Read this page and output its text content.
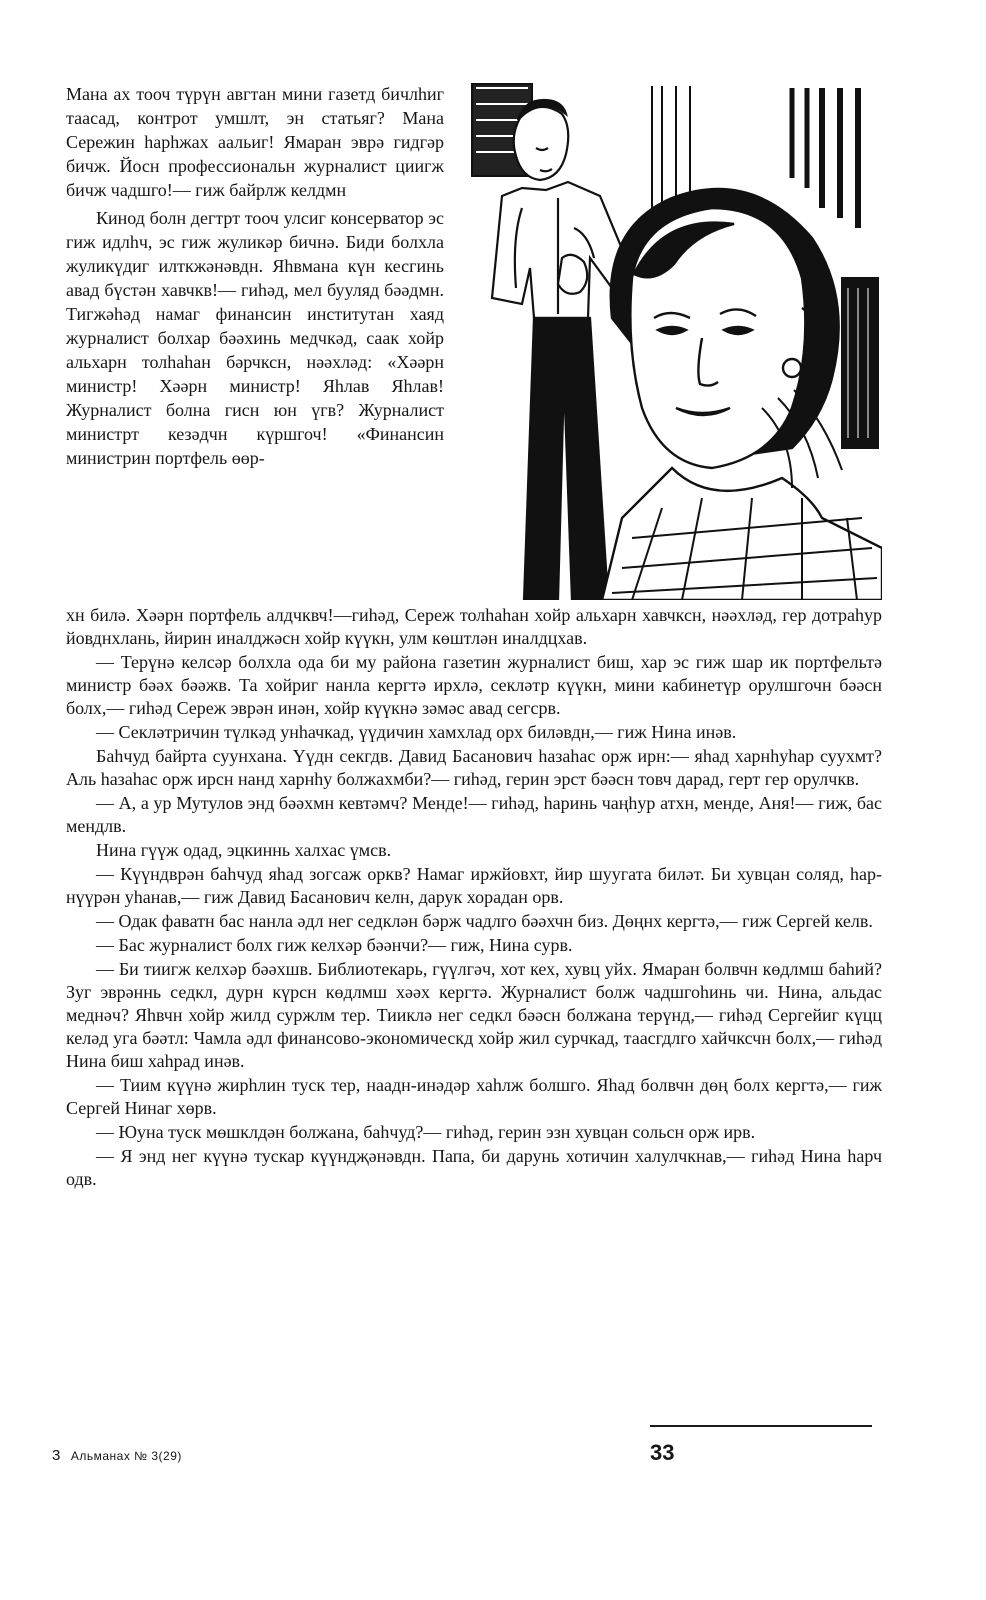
Мана ах тооч түрүн авгтан мини газетд бичлһиг таасад, контрот умшлт, эн статьяг? Мана Сережин һарһжах аальиг! Ямаран эврә гидгәр бичж. Йосн профессиональн журналист циигж бичж чадшго!— гиж байрлж келдмн

Кинод болн дегтрт тооч улсиг консерватор эс гиж идлһч, эс гиж жуликәр бичнә. Биди болхла жуликүдиг илткжәнәвдн. Яһвмана күн кесгинь авад бүстән хавчкв!— гиһәд, мел бууляд бәәдмн. Тигжәһәд намаг финансин институтан хаяд журналист болхар бәәхинь медчкәд, саак хойр альхарн толһаһан бәрчксн, нәәхләд: «Хәәрн министр! Хәәрн министр! Яһлав Яһлав! Журналист болна гисн юн үгв? Журналист министрт кезәдчн күршгоч! «Финансин министрин портфель өөр-

хн билә. Хәәрн портфель алдчквч!—гиһәд, Сереж толһаһан хойр альхарн хавчксн, нәәхләд, гер дотраһур йовднхлань, йирин иналджәсн хойр күүкн, улм көштлән иналдцхав.

— Терүнә келсәр болхла ода би му района газетин журналист биш, хар эс гиж шар ик портфельтә министр бәәх бәәжв. Та хойриг нанла кергтә ирхлә, секләтр күүкн, мини кабинетүр орулшгочн бәәсн болх,— гиһәд Сереж эврән инән, хойр күүкнә зәмәс авад сегсрв.

— Секләтричин түлкәд унһачкад, үүдичин хамхлад орх биләвдн,— гиж Нина инәв.

Баһчуд байрта суунхана. Үүдн секгдв. Давид Басанович һазаһас орж ирн:— яһад харнһуһар суухмт? Аль һазаһас орж ирсн нанд харнһу болжахмби?— гиһәд, герин эрст бәәсн товч дарад, герт гер орулчкв.

— А, а ур Мутулов энд бәәхмн кевтәмч? Менде!— гиһәд, һаринь чаңһур атхн, менде, Аня!— гиж, бас мендлв.

Нина гүүж одад, эцкиннь халхас үмсв.

— Күүндврән баһчуд яһад зогсаж оркв? Намаг иржйовхт, йир шуугата биләт. Би хувцан соляд, һар-нүүрән уһанав,— гиж Давид Басанович келн, дарук хорадан орв.

— Одак фаватн бас нанла әдл нег седклән бәрж чадлго бәәхчн биз. Дөңнх кергтә,— гиж Сергей келв.

— Бас журналист болх гиж келхәр бәәнчи?— гиж, Нина сурв.

— Би тиигж келхәр бәәхшв. Библиотекарь, гүүлгәч, хот кех, хувц уйх. Ямаран болвчн көдлмш баһий? Зуг эврәннь седкл, дурн күрсн көдлмш хәәх кергтә. Журналист болж чадшгоһинь чи. Нина, альдас меднәч? Яһвчн хойр жилд суржлм тер. Тииклә нег седкл бәәсн болжана терүнд,— гиһәд Сергейиг күцц келәд уга бәәтл: Чамла әдл финансово-экономическд хойр жил сурчкад, таасгдлго хайчксчн болх,— гиһәд Нина биш хаһрад инәв.

— Тиим күүнә жирһлин туск тер, наадн-инәдәр хаһлж болшго. Яһад болвчн дөң болх кергтә,— гиж Сергей Нинаг хөрв.

— Юуна туск мөшклдән болжана, баһчуд?— гиһәд, герин эзн хувцан сольсн орж ирв.

— Я энд нег күүнә тускар күүндҗәнәвдн. Папа, би дарунь хотичин халулчкнав,— гиһәд Нина һарч одв.

3 Альманах № 3(29)	33
